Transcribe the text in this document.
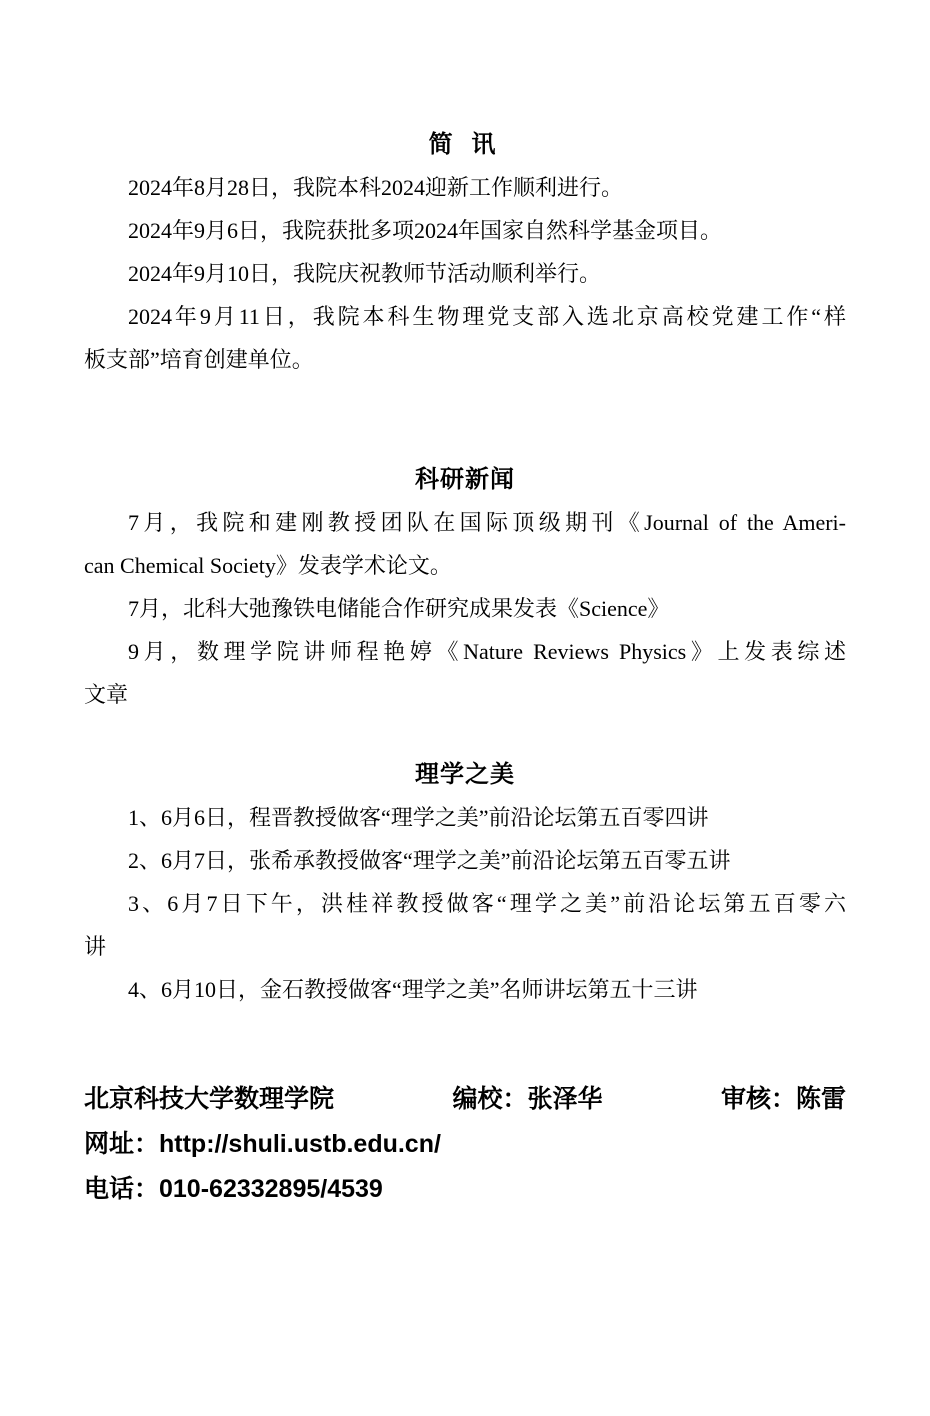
简 讯
2024年8月28日，我院本科2024迎新工作顺利进行。
2024年9月6日，我院获批多项2024年国家自然科学基金项目。
2024年9月10日，我院庆祝教师节活动顺利举行。
2024年9月11日，我院本科生物理党支部入选北京高校党建工作“样
板支部”培育创建单位。
科研新闻
7月，我院和建刚教授团队在国际顶级期刊《Journal of the Ameri-
can Chemical Society》发表学术论文。
7月，北科大弛豫铁电储能合作研究成果发表《Science》
9月，数理学院讲师程艳婷《Nature Reviews Physics》上发表综述
文章
理学之美
1、6月6日，程晋教授做客“理学之美”前沿论坛第五百零四讲
2、6月7日，张希承教授做客“理学之美”前沿论坛第五百零五讲
3、6月7日下午，洪桂祥教授做客“理学之美”前沿论坛第五百零六
讲
4、6月10日，金石教授做客“理学之美”名师讲坛第五十三讲
北京科技大学数理学院	编校：张泽华	审核：陈雷
网址：http://shuli.ustb.edu.cn/
电话：010-62332895/4539
